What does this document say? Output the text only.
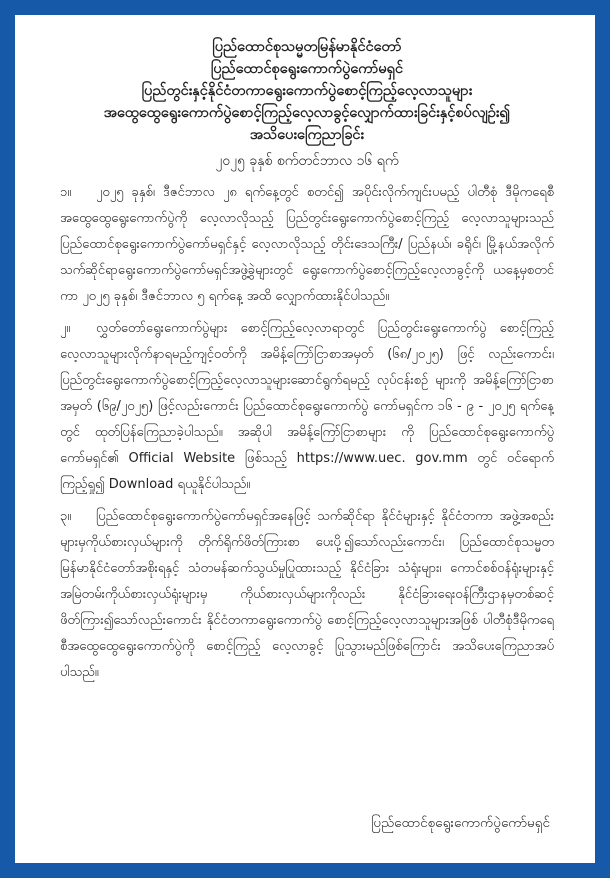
ပြည်ထောင်စုသမ္မတမြန်မာနိုင်ငံတော်
ပြည်ထောင်စုရွေးကောက်ပွဲကော်မရှင်
ပြည်တွင်းနှင့်နိုင်ငံတကာရွေးကောက်ပွဲစောင့်ကြည့်လေ့လာသူများ
အထွေထွေရွေးကောက်ပွဲစောင့်ကြည့်လေ့လာခွင့်လျှောက်ထားခြင်းနှင့်စပ်လျဉ်း၍
အသိပေးကြေညာခြင်း
၂၀၂၅ ခုနှစ် စက်တင်ဘာလ ၁၆ ရက်

၁။ ၂၀၂၅ ခုနှစ်၊ ဒီဇင်ဘာလ ၂၈ ရက်နေ့တွင် စတင်၍ အပိုင်းလိုက်ကျင်းပမည့် ပါတီစုံ ဒီမိုကရေစီအထွေထွေရွေးကောက်ပွဲကို လေ့လာလိုသည့် ပြည်တွင်းရွေးကောက်ပွဲစောင့်ကြည့် လေ့လာသူများသည် ပြည်ထောင်စုရွေးကောက်ပွဲကော်မရှင်နှင့် လေ့လာလိုသည့် တိုင်းဒေသကြီး/ ပြည်နယ်၊ ခရိုင်၊ မြို့နယ်အလိုက် သက်ဆိုင်ရာရွေးကောက်ပွဲကော်မရှင်အဖွဲ့ခွဲများတွင် ရွေးကောက်ပွဲစောင့်ကြည့်လေ့လာခွင့်ကို ယနေ့မှစတင်ကာ ၂၀၂၅ ခုနှစ်၊ ဒီဇင်ဘာလ ၅ ရက်နေ့ အထိ လျှောက်ထားနိုင်ပါသည်။

၂။ လွှတ်တော်ရွေးကောက်ပွဲများ စောင့်ကြည့်လေ့လာရာတွင် ပြည်တွင်းရွေးကောက်ပွဲ စောင့်ကြည့်လေ့လာသူများလိုက်နာရမည့်ကျင့်ဝတ်ကို အမိန့်ကြော်ငြာစာအမှတ် (၆၈/၂၀၂၅) ဖြင့် လည်းကောင်း၊ ပြည်တွင်းရွေးကောက်ပွဲစောင့်ကြည့်လေ့လာသူများဆောင်ရွက်ရမည့် လုပ်ငန်းစဉ် များကို အမိန့်ကြော်ငြာစာအမှတ် (၆၉/၂၀၂၅) ဖြင့်လည်းကောင်း ပြည်ထောင်စုရွေးကောက်ပွဲ ကော်မရှင်က ၁၆ - ၉ - ၂၀၂၅ ရက်နေ့တွင် ထုတ်ပြန်ကြေညာခဲ့ပါသည်။ အဆိုပါ အမိန့်ကြော်ငြာစာများ ကို ပြည်ထောင်စုရွေးကောက်ပွဲကော်မရှင်၏ Official Website ဖြစ်သည့် https://www.uec. gov.mm တွင် ဝင်ရောက်ကြည့်ရှု၍ Download ရယူနိုင်ပါသည်။

၃။ ပြည်ထောင်စုရွေးကောက်ပွဲကော်မရှင်အနေဖြင့် သက်ဆိုင်ရာ နိုင်ငံများနှင့် နိုင်ငံတကာ အဖွဲ့အစည်းများမှကိုယ်စားလှယ်များကို တိုက်ရိုက်ဖိတ်ကြားစာ ပေးပို့၍သော်လည်းကောင်း၊ ပြည်ထောင်စုသမ္မတမြန်မာနိုင်ငံတော်အစိုးရနှင့် သံတမန်ဆက်သွယ်မှုပြုထားသည့် နိုင်ငံခြား သံရုံးများ၊ ကောင်စစ်ဝန်ရုံးများနှင့် အမြဲတမ်းကိုယ်စားလှယ်ရုံးများမှ ကိုယ်စားလှယ်များကိုလည်း နိုင်ငံခြားရေးဝန်ကြီးဌာနမှတစ်ဆင့် ဖိတ်ကြား၍သော်လည်းကောင်း နိုင်ငံတကာရွေးကောက်ပွဲ စောင့်ကြည့်လေ့လာသူများအဖြစ် ပါတီစုံဒီမိုကရေစီအထွေထွေရွေးကောက်ပွဲကို စောင့်ကြည့် လေ့လာခွင့် ပြုသွားမည်ဖြစ်ကြောင်း အသိပေးကြေညာအပ်ပါသည်။

ပြည်ထောင်စုရွေးကောက်ပွဲကော်မရှင်
